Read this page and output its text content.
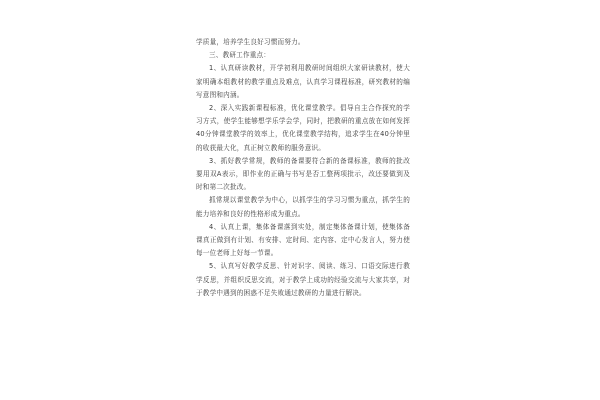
学质量，培养学生良好习惯而努力。

三、教研工作重点：

1、认真研读教材，开学初利用教研时间组织大家研读教材，使大家明确本组教材的教学重点及难点，认真学习课程标准，研究教材的编写意图和内涵。

2、深入实践新课程标准，优化课堂教学。倡导自主合作探究的学习方式，使学生能够想学乐学会学，同时，把教研的重点放在如何发挥40分钟课堂教学的效率上，优化课堂教学结构，追求学生在40分钟里的收获最大化，真正树立教师的服务意识。

3、抓好教学常规，教师的备课要符合新的备课标准，教师的批改要用双A表示，即作业的正确与书写是否工整两项批示，改还要做到及时和第二次批改。

抓常规以课堂教学为中心，以抓学生的学习习惯为重点，抓学生的能力培养和良好的性格形成为重点。

4、认真上课，集体备课落到实处，制定集体备课计划，使集体备课真正做到有计划、有安排、定时间、定内容、定中心发言人，努力使每一位老师上好每一节课。

5、认真写好教学反思、针对识字、阅读、练习、口语交际进行教学反思，并组织反思交流，对于教学上成功的经验交流与大家共享，对于教学中遇到的困惑不足失败通过教研的力量进行解决。
